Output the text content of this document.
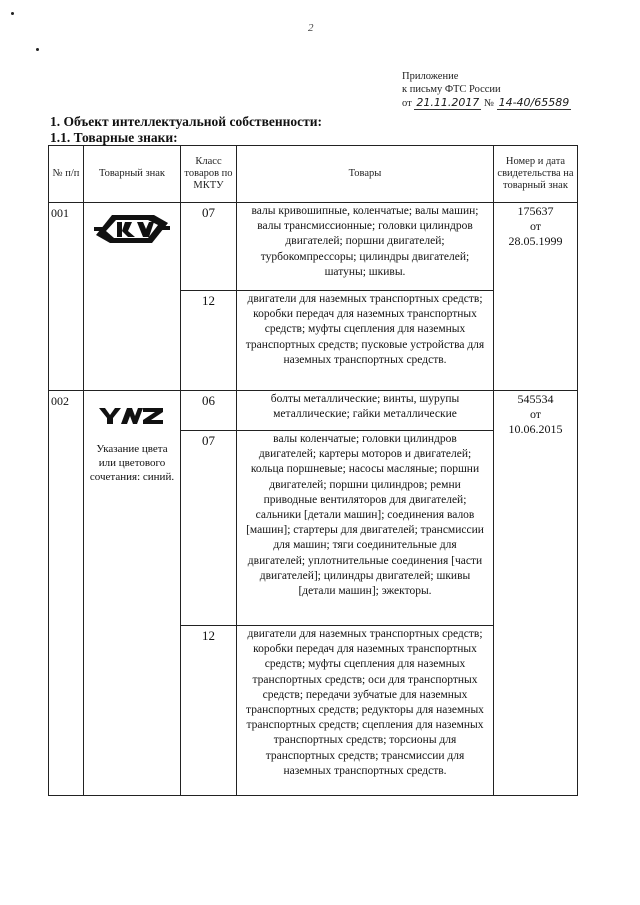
2
Приложение
к письму ФТС России
от 21.11.2017 № 14-40/65589
1. Объект интеллектуальной собственности:
1.1. Товарные знаки:
№ п/п	Товарный знак	Класс товаров по МКТУ	Товары	Номер и дата свидетельства на товарный знак
001		07	валы кривошипные, коленчатые; валы машин; валы трансмиссионные; головки цилиндров двигателей; поршни двигателей; турбокомпрессоры; цилиндры двигателей; шатуны; шкивы.	175637
от
28.05.1999

		12	двигатели для наземных транспортных средств; коробки передач для наземных транспортных средств; муфты сцепления для наземных транспортных средств; пусковые устройства для наземных транспортных средств.	
002	Указание цвета или цветового сочетания: синий.	06	болты металлические; винты, шурупы металлические; гайки металлические	545534
от
10.06.2015

		07	валы коленчатые; головки цилиндров двигателей; картеры моторов и двигателей; кольца поршневые; насосы масляные; поршни двигателей; поршни цилиндров; ремни приводные вентиляторов для двигателей; сальники [детали машин]; соединения валов [машин]; стартеры для двигателей; трансмиссии для машин; тяги соединительные для двигателей; уплотнительные соединения [части двигателей]; цилиндры двигателей; шкивы [детали машин]; эжекторы.	
		12	двигатели для наземных транспортных средств; коробки передач для наземных транспортных средств; муфты сцепления для наземных транспортных средств; оси для транспортных средств; передачи зубчатые для наземных транспортных средств; редукторы для наземных транспортных средств; сцепления для наземных транспортных средств; торсионы для транспортных средств; трансмиссии для наземных транспортных средств.	
